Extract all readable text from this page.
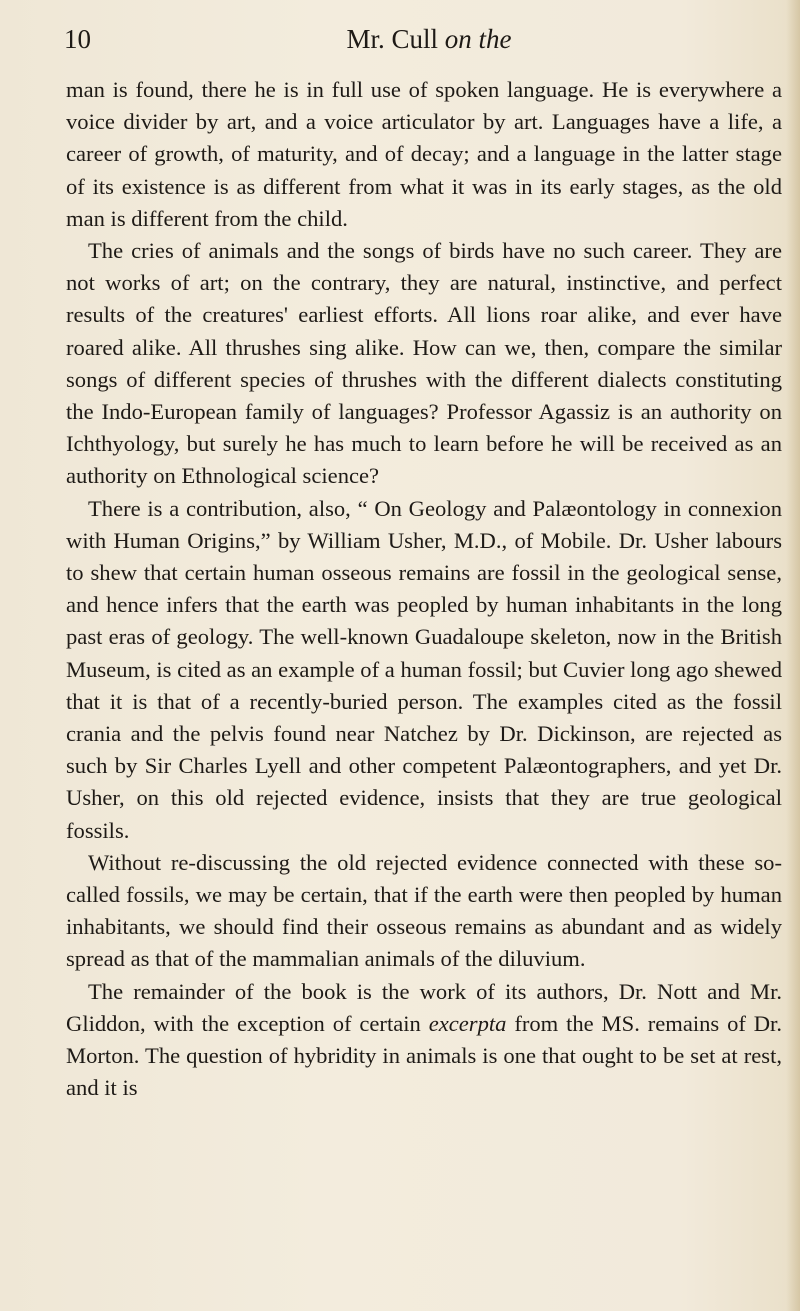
10	Mr. Cull on the

man is found, there he is in full use of spoken language. He is everywhere a voice divider by art, and a voice articulator by art. Languages have a life, a career of growth, of maturity, and of decay; and a language in the latter stage of its existence is as different from what it was in its early stages, as the old man is different from the child.

The cries of animals and the songs of birds have no such career. They are not works of art; on the contrary, they are natural, instinctive, and perfect results of the creatures' earliest efforts. All lions roar alike, and ever have roared alike. All thrushes sing alike. How can we, then, compare the similar songs of different species of thrushes with the different dialects constituting the Indo-European family of languages? Professor Agassiz is an authority on Ichthyology, but surely he has much to learn before he will be received as an authority on Ethnological science?

There is a contribution, also, “ On Geology and Palæontology in connexion with Human Origins,” by William Usher, M.D., of Mobile. Dr. Usher labours to shew that certain human osseous remains are fossil in the geological sense, and hence infers that the earth was peopled by human inhabitants in the long past eras of geology. The well-known Guadaloupe skeleton, now in the British Museum, is cited as an example of a human fossil; but Cuvier long ago shewed that it is that of a recently-buried person. The examples cited as the fossil crania and the pelvis found near Natchez by Dr. Dickinson, are rejected as such by Sir Charles Lyell and other competent Palæontographers, and yet Dr. Usher, on this old rejected evidence, insists that they are true geological fossils.

Without re-discussing the old rejected evidence connected with these so-called fossils, we may be certain, that if the earth were then peopled by human inhabitants, we should find their osseous remains as abundant and as widely spread as that of the mammalian animals of the diluvium.

The remainder of the book is the work of its authors, Dr. Nott and Mr. Gliddon, with the exception of certain excerpta from the MS. remains of Dr. Morton. The question of hybridity in animals is one that ought to be set at rest, and it is
